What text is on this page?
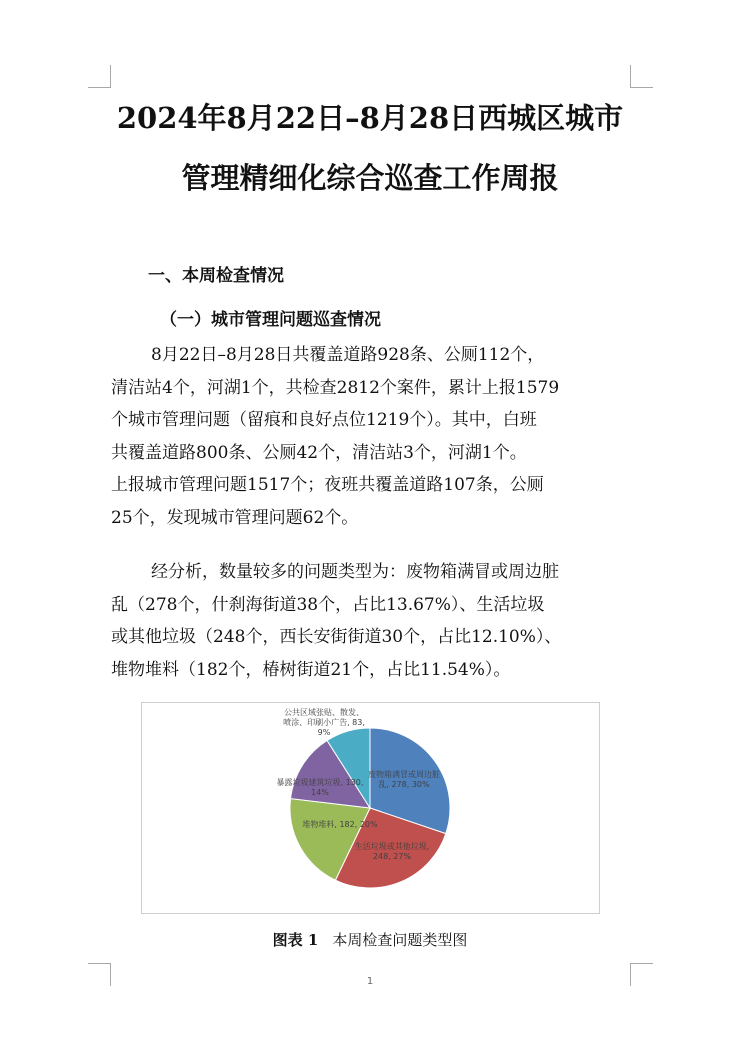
2024年8月22日–8月28日西城区城市
管理精细化综合巡查工作周报
一、本周检查情况
（一）城市管理问题巡查情况
8月22日–8月28日共覆盖道路928条、公厕112个，
清洁站4个，河湖1个，共检查2812个案件，累计上报1579
个城市管理问题（留痕和良好点位1219个）。其中，白班
共覆盖道路800条、公厕42个，清洁站3个，河湖1个。
上报城市管理问题1517个；夜班共覆盖道路107条，公厕
25个，发现城市管理问题62个。
经分析，数量较多的问题类型为：废物箱满冒或周边脏
乱（278个，什刹海街道38个，占比13.67%）、生活垃圾
或其他垃圾（248个，西长安街街道30个，占比12.10%）、
堆物堆料（182个，椿树街道21个，占比11.54%）。
废物箱满冒或周边脏乱, 278, 30%
生活垃圾或其他垃圾, 248, 27%
堆物堆料, 182, 20%
暴露垃圾建筑垃圾, 130, 14%
公共区域张贴、散发、喷涂、印刷小广告, 83, 9%
图表 1 本周检查问题类型图
1
